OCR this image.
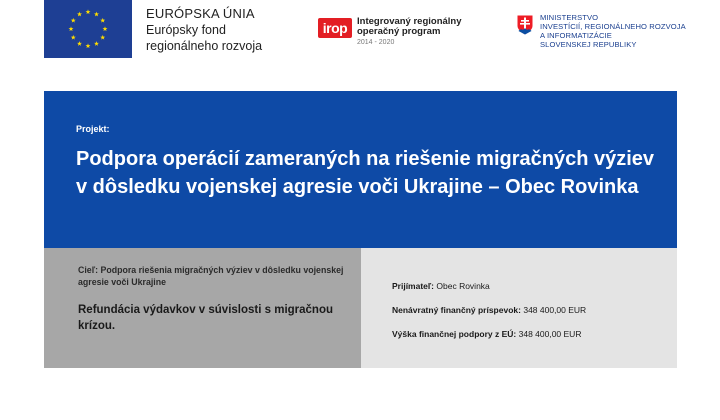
EURÓPSKA ÚNIA
Európsky fond
regionálneho rozvoja
irop	Integrovaný regionálny
operačný program
2014 - 2020
MINISTERSTVO
INVESTÍCIÍ, REGIONÁLNEHO ROZVOJA
A INFORMATIZÁCIE
SLOVENSKEJ REPUBLIKY
Projekt:
Podpora operácií zameraných na riešenie migračných výziev v dôsledku vojenskej agresie voči Ukrajine – Obec Rovinka
Cieľ: Podpora riešenia migračných výziev v dôsledku vojenskej agresie voči Ukrajine
Refundácia výdavkov v súvislosti s migračnou krízou.
Prijímateľ: Obec Rovinka
Nenávratný finančný príspevok: 348 400,00 EUR
Výška finančnej podpory z EÚ: 348 400,00 EUR
